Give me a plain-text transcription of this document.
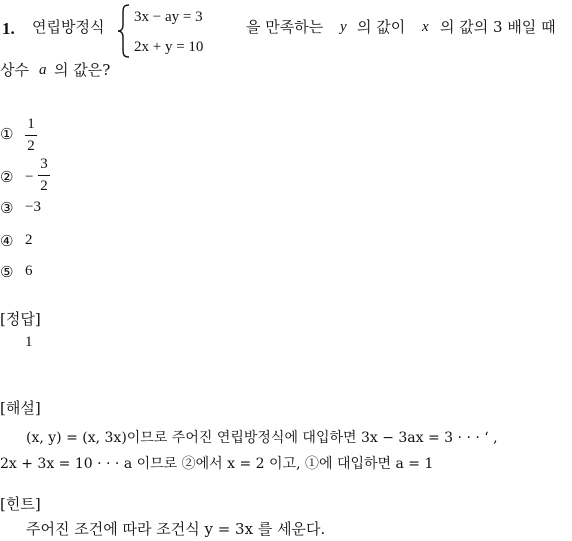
1. 연립방정식
3x − ay = 3
2x + y = 10
을 만족하는 y 의 값이 x 의 값의 3 배일 때
상수 a 의 값은?
①
1
2
② −
3
2
③ −3
④ 2
⑤ 6
[정답]
1
[해설]
(x, y) = (x, 3x)이므로 주어진 연립방정식에 대입하면 3x − 3ax = 3 · · · ‘ ,
2x + 3x = 10 · · · a 이므로 ②에서 x = 2 이고, ①에 대입하면 a = 1
[힌트]
주어진 조건에 따라 조건식 y = 3x 를 세운다.
